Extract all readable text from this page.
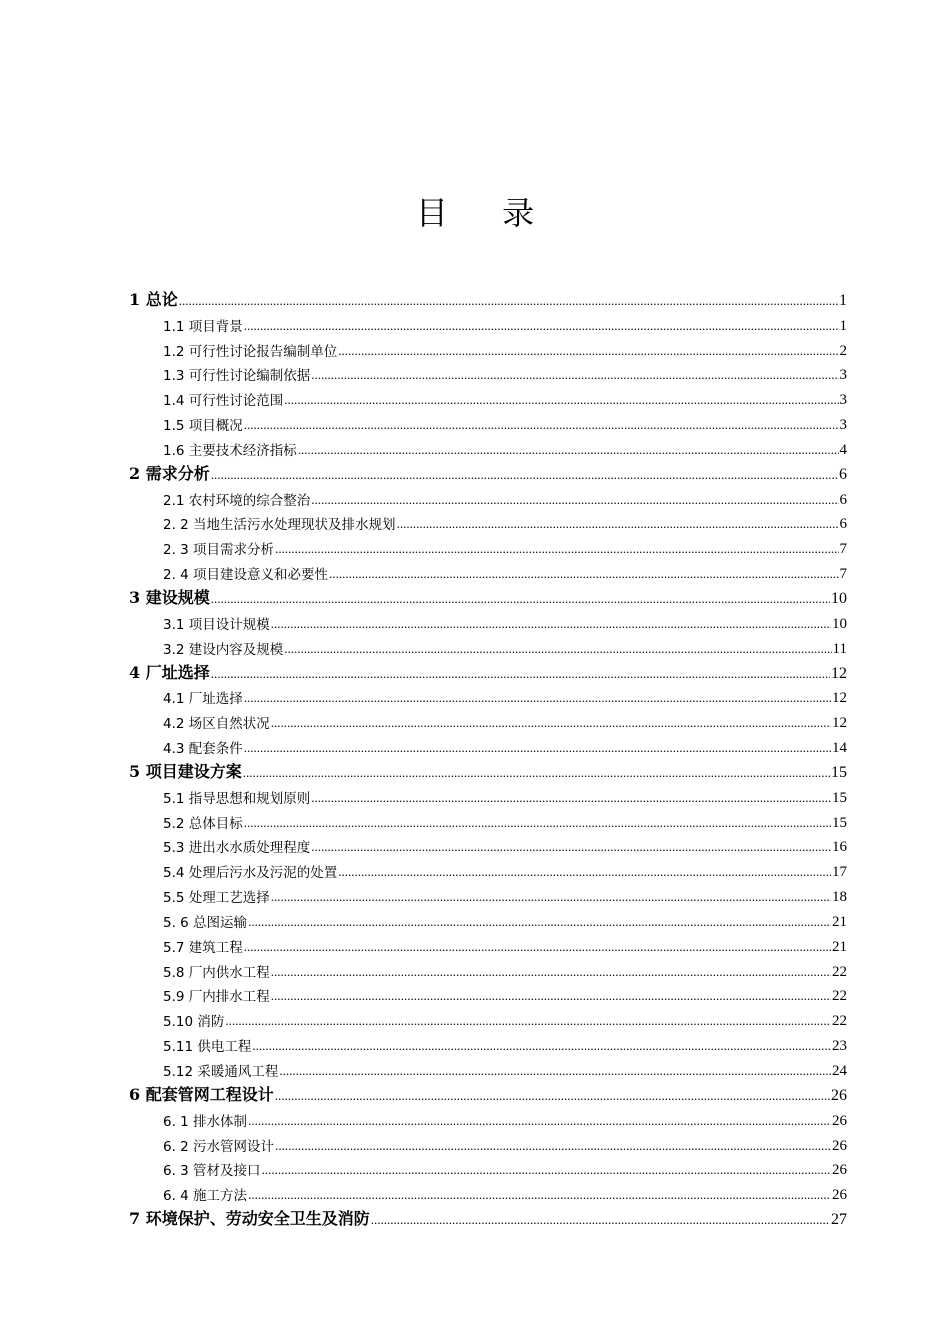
目 录
1 总论 .....	1
1.1 项目背景 .....	1
1.2 可行性讨论报告编制单位 .....	2
1.3 可行性讨论编制依据 .....	3
1.4 可行性讨论范围 .....	3
1.5 项目概况 .....	3
1.6 主要技术经济指标 .....	4
2 需求分析 .....	6
2.1 农村环境的综合整治 .....	6
2. 2 当地生活污水处理现状及排水规划 .....	6
2. 3 项目需求分析 .....	7
2. 4 项目建设意义和必要性 .....	7
3 建设规模 .....	10
3.1 项目设计规模 .....	10
3.2 建设内容及规模 .....	11
4 厂址选择 .....	12
4.1 厂址选择 .....	12
4.2 场区自然状况 .....	12
4.3 配套条件 .....	14
5 项目建设方案 .....	15
5.1 指导思想和规划原则 .....	15
5.2 总体目标 .....	15
5.3 进出水水质处理程度 .....	16
5.4 处理后污水及污泥的处置 .....	17
5.5 处理工艺选择 .....	18
5. 6 总图运输 .....	21
5.7 建筑工程 .....	21
5.8 厂内供水工程 .....	22
5.9 厂内排水工程 .....	22
5.10 消防 .....	22
5.11 供电工程 .....	23
5.12 采暖通风工程 .....	24
6 配套管网工程设计 .....	26
6. 1 排水体制 .....	26
6. 2 污水管网设计 .....	26
6. 3 管材及接口 .....	26
6. 4 施工方法 .....	26
7 环境保护、劳动安全卫生及消防 .....	27
